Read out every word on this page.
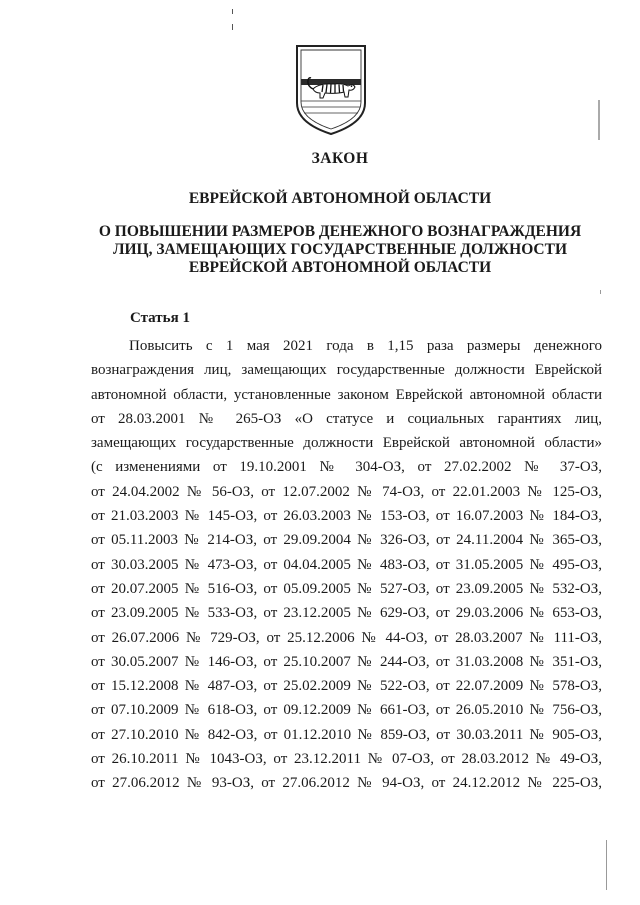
ЗАКОН
ЕВРЕЙСКОЙ АВТОНОМНОЙ ОБЛАСТИ
О ПОВЫШЕНИИ РАЗМЕРОВ ДЕНЕЖНОГО ВОЗНАГРАЖДЕНИЯ
ЛИЦ, ЗАМЕЩАЮЩИХ ГОСУДАРСТВЕННЫЕ ДОЛЖНОСТИ
ЕВРЕЙСКОЙ АВТОНОМНОЙ ОБЛАСТИ
Статья 1
Повысить с 1 мая 2021 года в 1,15 раза размеры денежного
вознаграждения лиц, замещающих государственные должности Еврейской
автономной области, установленные законом Еврейской автономной области
от 28.03.2001 № 265-ОЗ «О статусе и социальных гарантиях лиц,
замещающих государственные должности Еврейской автономной области»
(с изменениями от 19.10.2001 № 304-ОЗ, от 27.02.2002 № 37-ОЗ,
от 24.04.2002 № 56-ОЗ, от 12.07.2002 № 74-ОЗ, от 22.01.2003 № 125-ОЗ,
от 21.03.2003 № 145-ОЗ, от 26.03.2003 № 153-ОЗ, от 16.07.2003 № 184-ОЗ,
от 05.11.2003 № 214-ОЗ, от 29.09.2004 № 326-ОЗ, от 24.11.2004 № 365-ОЗ,
от 30.03.2005 № 473-ОЗ, от 04.04.2005 № 483-ОЗ, от 31.05.2005 № 495-ОЗ,
от 20.07.2005 № 516-ОЗ, от 05.09.2005 № 527-ОЗ, от 23.09.2005 № 532-ОЗ,
от 23.09.2005 № 533-ОЗ, от 23.12.2005 № 629-ОЗ, от 29.03.2006 № 653-ОЗ,
от 26.07.2006 № 729-ОЗ, от 25.12.2006 № 44-ОЗ, от 28.03.2007 № 111-ОЗ,
от 30.05.2007 № 146-ОЗ, от 25.10.2007 № 244-ОЗ, от 31.03.2008 № 351-ОЗ,
от 15.12.2008 № 487-ОЗ, от 25.02.2009 № 522-ОЗ, от 22.07.2009 № 578-ОЗ,
от 07.10.2009 № 618-ОЗ, от 09.12.2009 № 661-ОЗ, от 26.05.2010 № 756-ОЗ,
от 27.10.2010 № 842-ОЗ, от 01.12.2010 № 859-ОЗ, от 30.03.2011 № 905-ОЗ,
от 26.10.2011 № 1043-ОЗ, от 23.12.2011 № 07-ОЗ, от 28.03.2012 № 49-ОЗ,
от 27.06.2012 № 93-ОЗ, от 27.06.2012 № 94-ОЗ, от 24.12.2012 № 225-ОЗ,
